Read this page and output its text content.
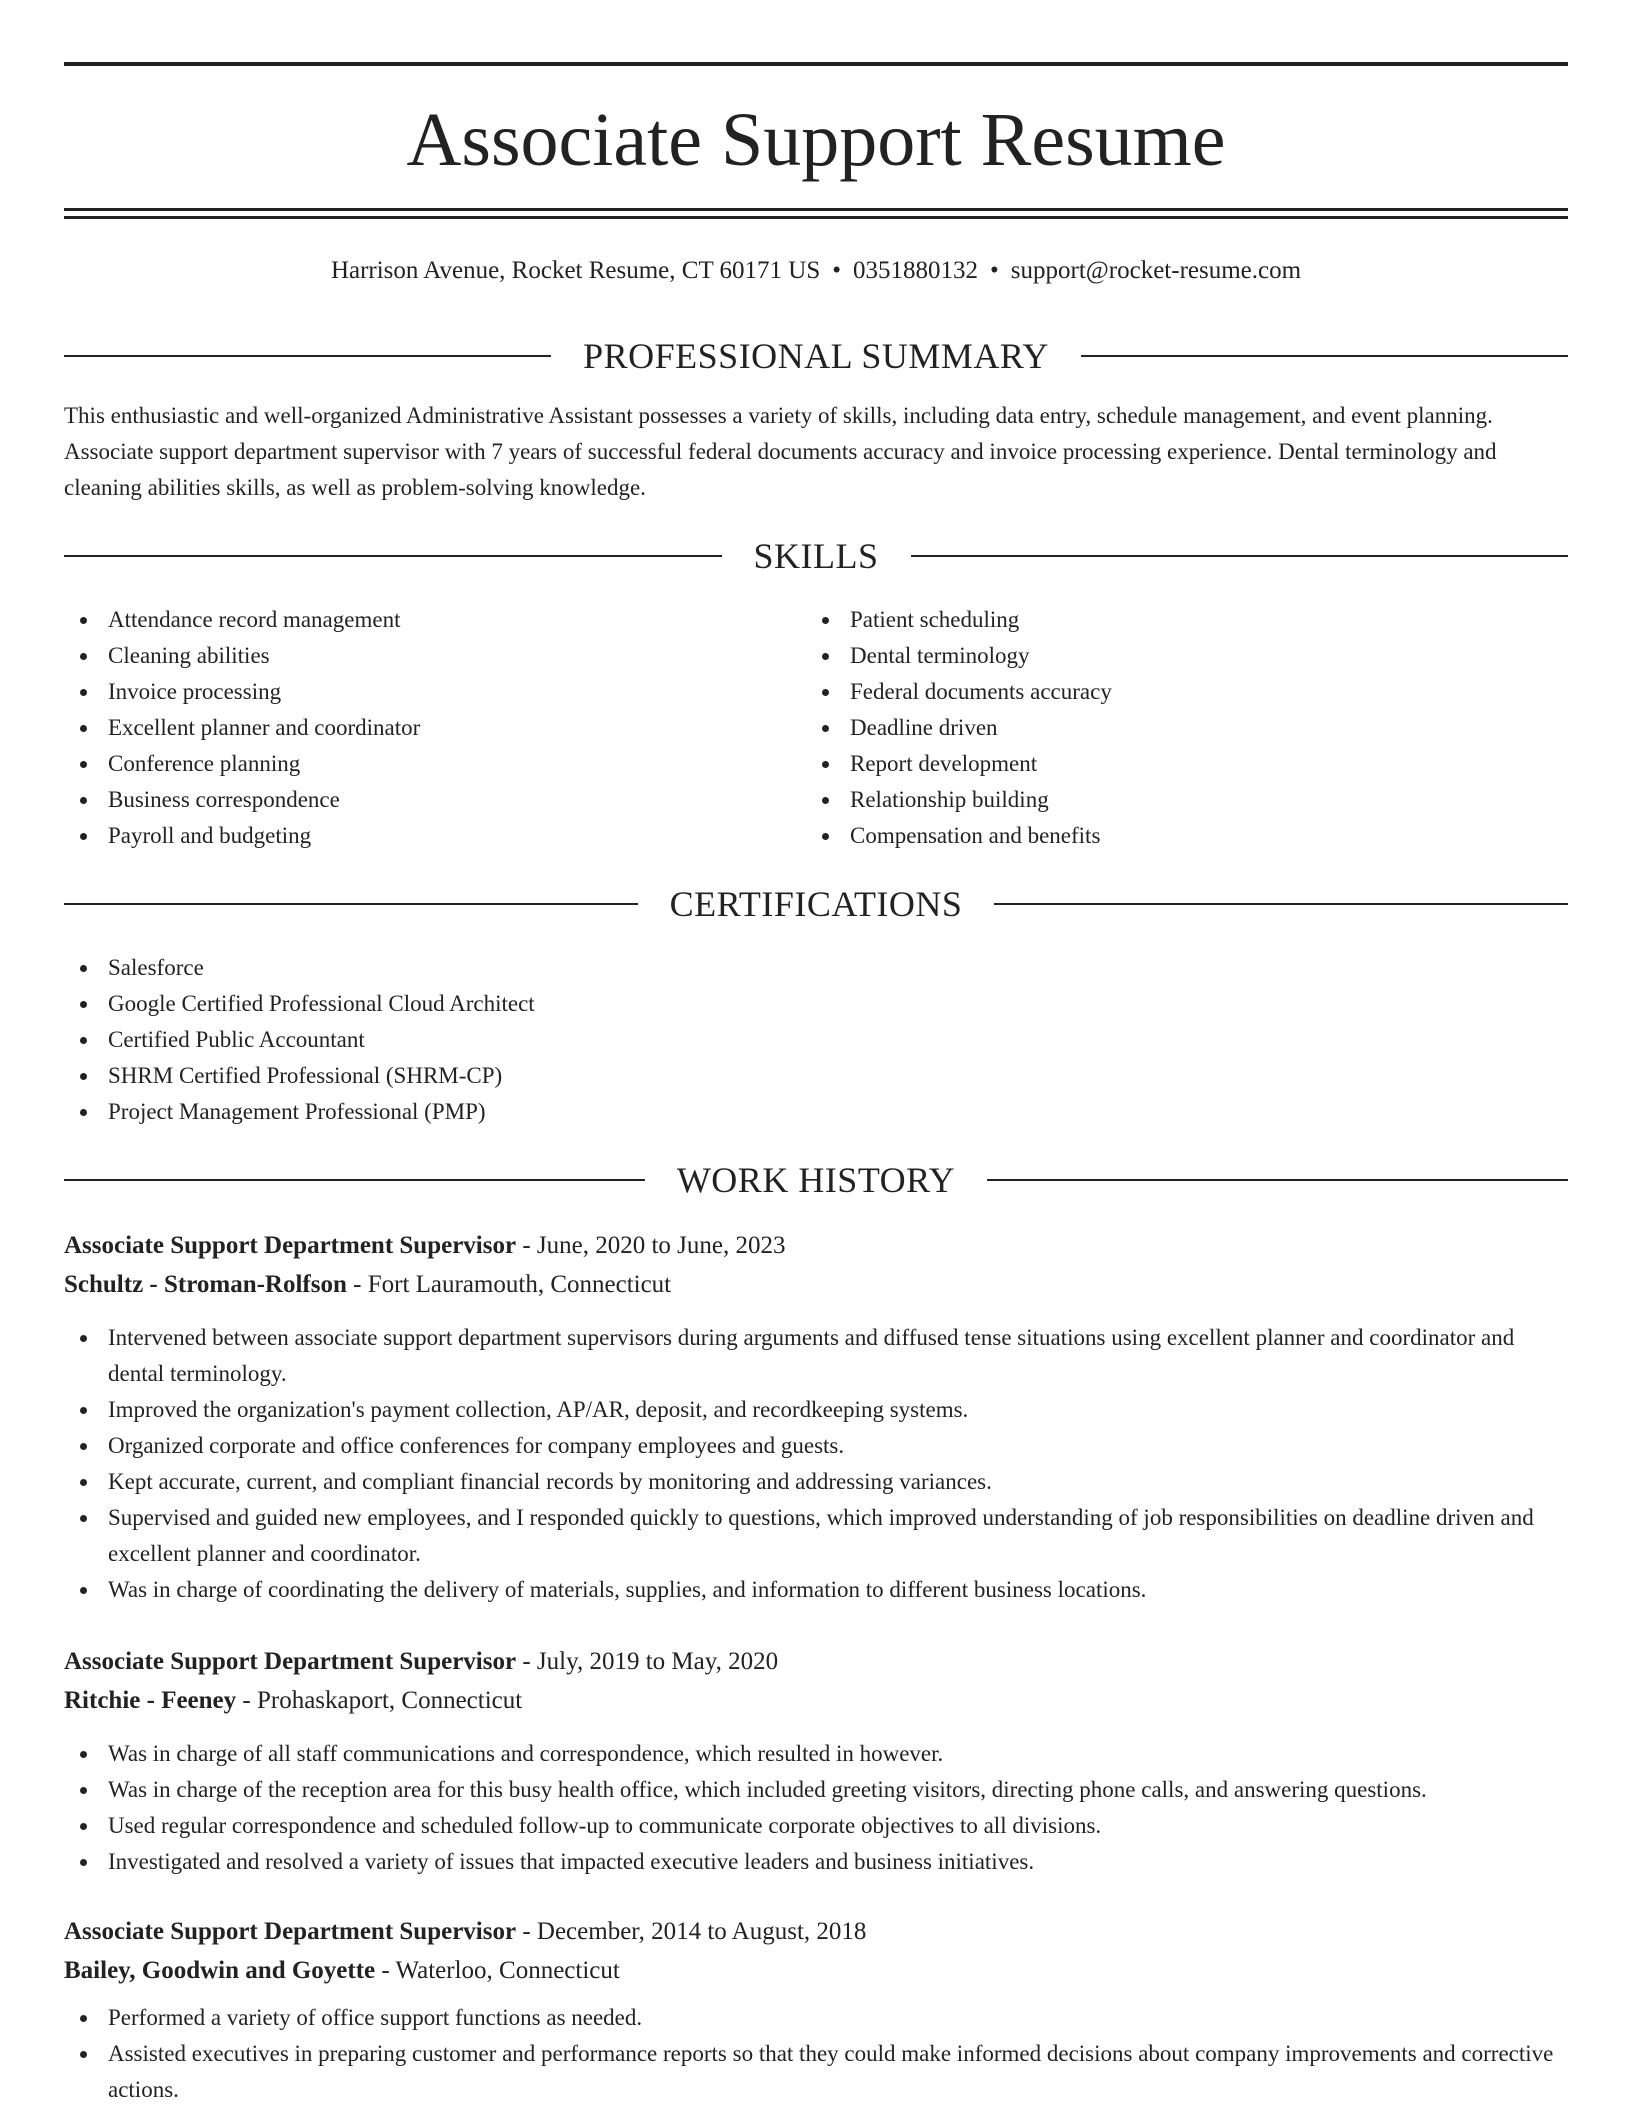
Associate Support Resume
Harrison Avenue, Rocket Resume, CT 60171 US • 0351880132 • support@rocket-resume.com
PROFESSIONAL SUMMARY

This enthusiastic and well-organized Administrative Assistant possesses a variety of skills, including data entry, schedule management, and event planning. Associate support department supervisor with 7 years of successful federal documents accuracy and invoice processing experience. Dental terminology and cleaning abilities skills, as well as problem-solving knowledge.

SKILLS
Attendance record management
Cleaning abilities
Invoice processing
Excellent planner and coordinator
Conference planning
Business correspondence
Payroll and budgeting
Patient scheduling
Dental terminology
Federal documents accuracy
Deadline driven
Report development
Relationship building
Compensation and benefits
CERTIFICATIONS
Salesforce
Google Certified Professional Cloud Architect
Certified Public Accountant
SHRM Certified Professional (SHRM-CP)
Project Management Professional (PMP)
WORK HISTORY
Associate Support Department Supervisor - June, 2020 to June, 2023
Schultz - Stroman-Rolfson - Fort Lauramouth, Connecticut
Intervened between associate support department supervisors during arguments and diffused tense situations using excellent planner and coordinator and dental terminology.
Improved the organization's payment collection, AP/AR, deposit, and recordkeeping systems.
Organized corporate and office conferences for company employees and guests.
Kept accurate, current, and compliant financial records by monitoring and addressing variances.
Supervised and guided new employees, and I responded quickly to questions, which improved understanding of job responsibilities on deadline driven and excellent planner and coordinator.
Was in charge of coordinating the delivery of materials, supplies, and information to different business locations.
Associate Support Department Supervisor - July, 2019 to May, 2020
Ritchie - Feeney - Prohaskaport, Connecticut
Was in charge of all staff communications and correspondence, which resulted in however.
Was in charge of the reception area for this busy health office, which included greeting visitors, directing phone calls, and answering questions.
Used regular correspondence and scheduled follow-up to communicate corporate objectives to all divisions.
Investigated and resolved a variety of issues that impacted executive leaders and business initiatives.
Associate Support Department Supervisor - December, 2014 to August, 2018
Bailey, Goodwin and Goyette - Waterloo, Connecticut
Performed a variety of office support functions as needed.
Assisted executives in preparing customer and performance reports so that they could make informed decisions about company improvements and corrective actions.
